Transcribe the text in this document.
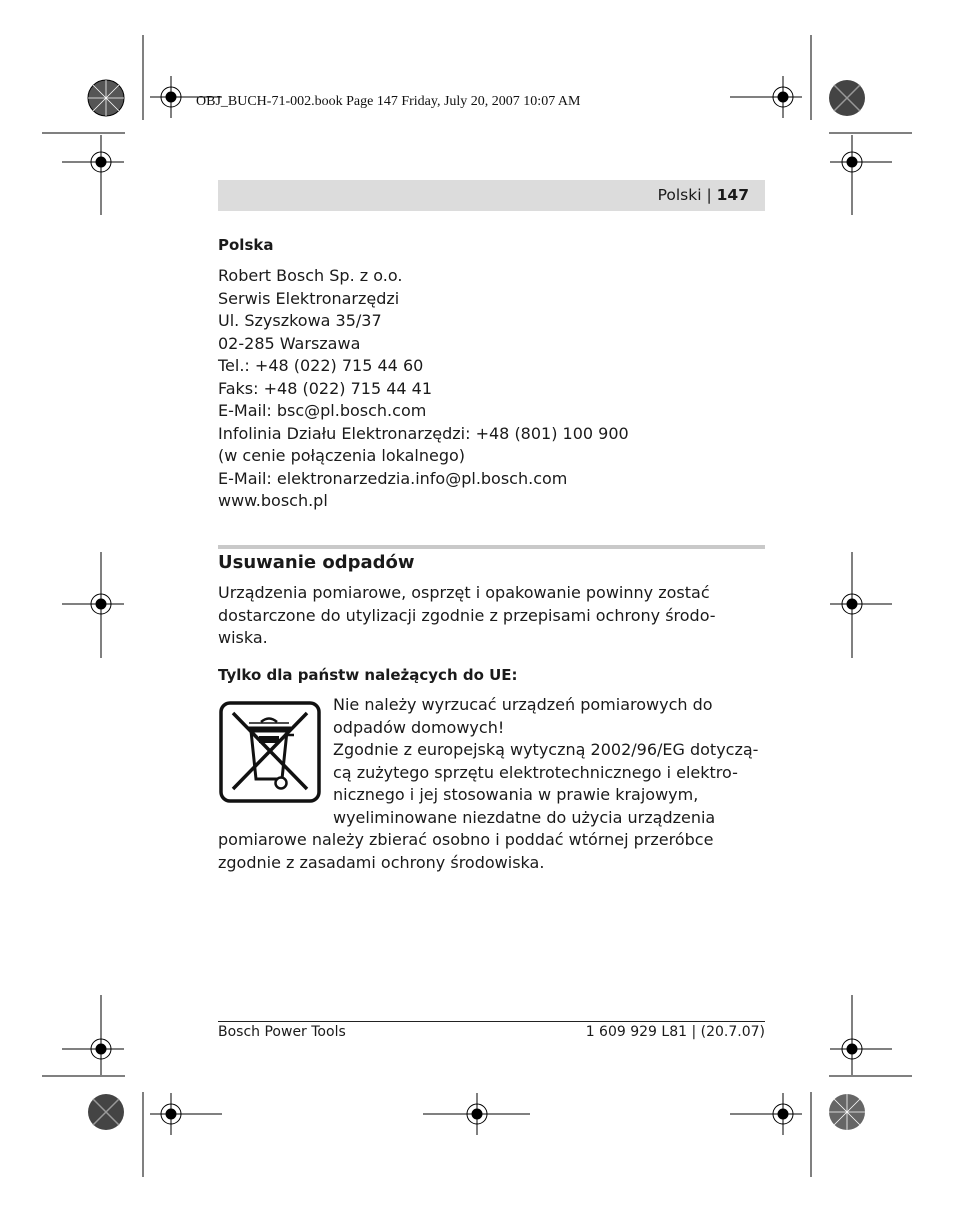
OBJ_BUCH-71-002.book Page 147 Friday, July 20, 2007 10:07 AM
Polski | 147
Polska
Robert Bosch Sp. z o.o.
Serwis Elektronarzędzi
Ul. Szyszkowa 35/37
02-285 Warszawa
Tel.: +48 (022) 715 44 60
Faks: +48 (022) 715 44 41
E-Mail: bsc@pl.bosch.com
Infolinia Działu Elektronarzędzi: +48 (801) 100 900
(w cenie połączenia lokalnego)
E-Mail: elektronarzedzia.info@pl.bosch.com
www.bosch.pl
Usuwanie odpadów
Urządzenia pomiarowe, osprzęt i opakowanie powinny zostać
dostarczone do utylizacji zgodnie z przepisami ochrony środo-
wiska.
Tylko dla państw należących do UE:
Nie należy wyrzucać urządzeń pomiarowych do
odpadów domowych!
Zgodnie z europejską wytyczną 2002/96/EG dotyczą-
cą zużytego sprzętu elektrotechnicznego i elektro-
nicznego i jej stosowania w prawie krajowym,
wyeliminowane niezdatne do użycia urządzenia
pomiarowe należy zbierać osobno i poddać wtórnej przeróbce
zgodnie z zasadami ochrony środowiska.
Bosch Power Tools	1 609 929 L81 | (20.7.07)
